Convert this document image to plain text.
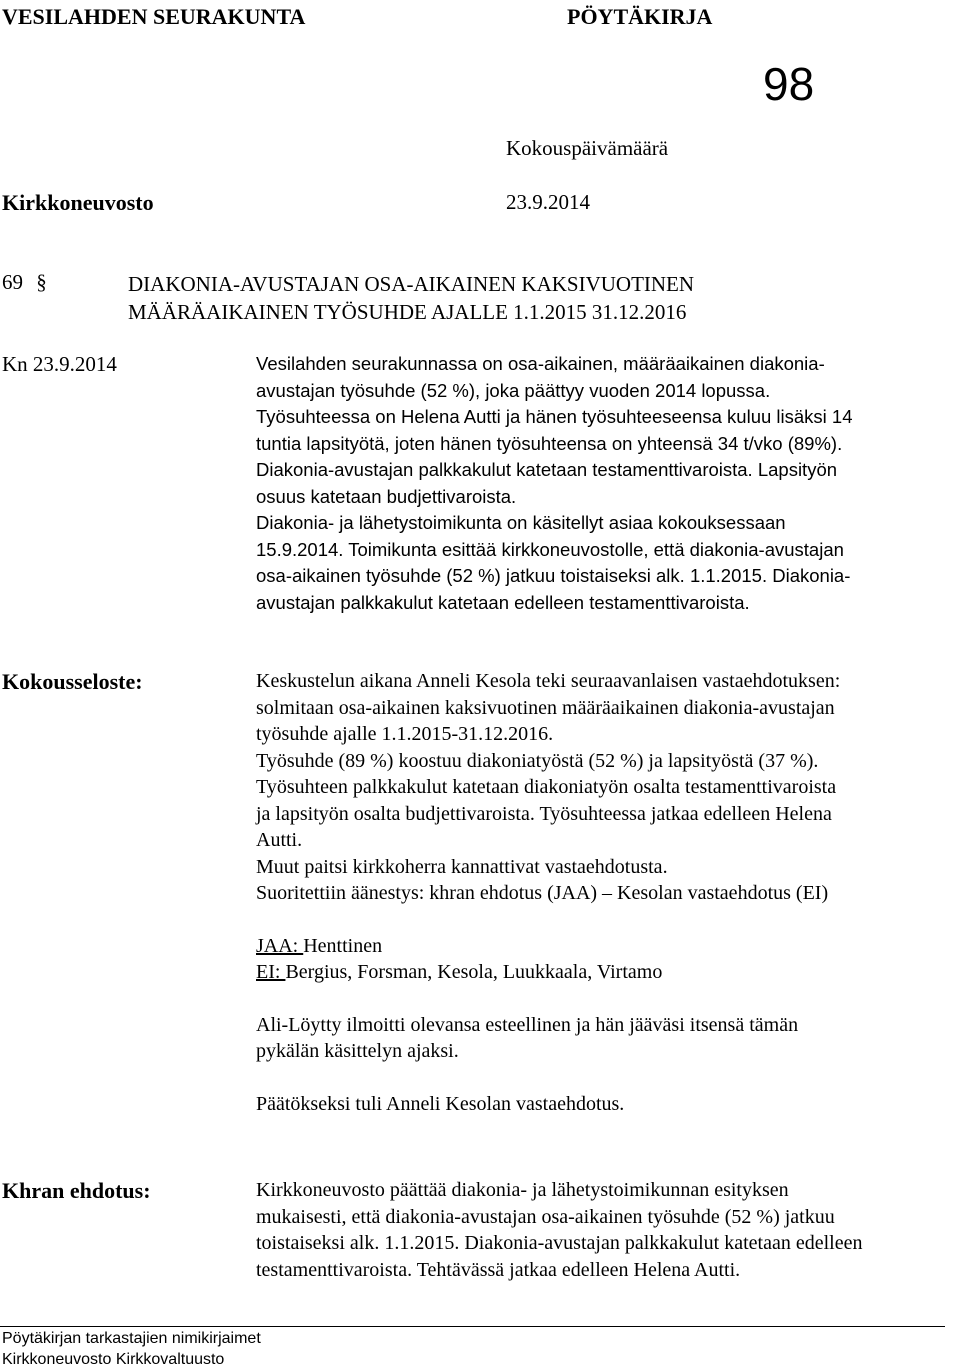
VESILAHDEN SEURAKUNTA	PÖYTÄKIRJA
98
Kokouspäivämäärä
Kirkkoneuvosto	23.9.2014
69 §	DIAKONIA-AVUSTAJAN OSA-AIKAINEN KAKSIVUOTINEN
MÄÄRÄAIKAINEN TYÖSUHDE AJALLE 1.1.2015 31.12.2016
Kn 23.9.2014	Vesilahden seurakunnassa on osa-aikainen, määräaikainen diakonia-
avustajan työsuhde (52 %), joka päättyy vuoden 2014 lopussa.
Työsuhteessa on Helena Autti ja hänen työsuhteeseensa kuluu lisäksi 14
tuntia lapsityötä, joten hänen työsuhteensa on yhteensä 34 t/vko (89%).
Diakonia-avustajan palkkakulut katetaan testamenttivaroista. Lapsityön
osuus katetaan budjettivaroista.
Diakonia- ja lähetystoimikunta on käsitellyt asiaa kokouksessaan
15.9.2014. Toimikunta esittää kirkkoneuvostolle, että diakonia-avustajan
osa-aikainen työsuhde (52 %) jatkuu toistaiseksi alk. 1.1.2015. Diakonia-
avustajan palkkakulut katetaan edelleen testamenttivaroista.
Kokousseloste:	Keskustelun aikana Anneli Kesola teki seuraavanlaisen vastaehdotuksen:
solmitaan osa-aikainen kaksivuotinen määräaikainen diakonia-avustajan
työsuhde ajalle 1.1.2015-31.12.2016.
Työsuhde (89 %) koostuu diakoniatyöstä (52 %) ja lapsityöstä (37 %).
Työsuhteen palkkakulut katetaan diakoniatyön osalta testamenttivaroista
ja lapsityön osalta budjettivaroista. Työsuhteessa jatkaa edelleen Helena
Autti.
Muut paitsi kirkkoherra kannattivat vastaehdotusta.
Suoritettiin äänestys: khran ehdotus (JAA) – Kesolan vastaehdotus (EI)
JAA: Henttinen
EI: Bergius, Forsman, Kesola, Luukkaala, Virtamo
Ali-Löytty ilmoitti olevansa esteellinen ja hän jääväsi itsensä tämän
pykälän käsittelyn ajaksi.
Päätökseksi tuli Anneli Kesolan vastaehdotus.
Khran ehdotus:	Kirkkoneuvosto päättää diakonia- ja lähetystoimikunnan esityksen
mukaisesti, että diakonia-avustajan osa-aikainen työsuhde (52 %) jatkuu
toistaiseksi alk. 1.1.2015. Diakonia-avustajan palkkakulut katetaan edelleen
testamenttivaroista. Tehtävässä jatkaa edelleen Helena Autti.
Pöytäkirjan tarkastajien nimikirjaimet
Kirkkoneuvosto Kirkkovaltuusto
